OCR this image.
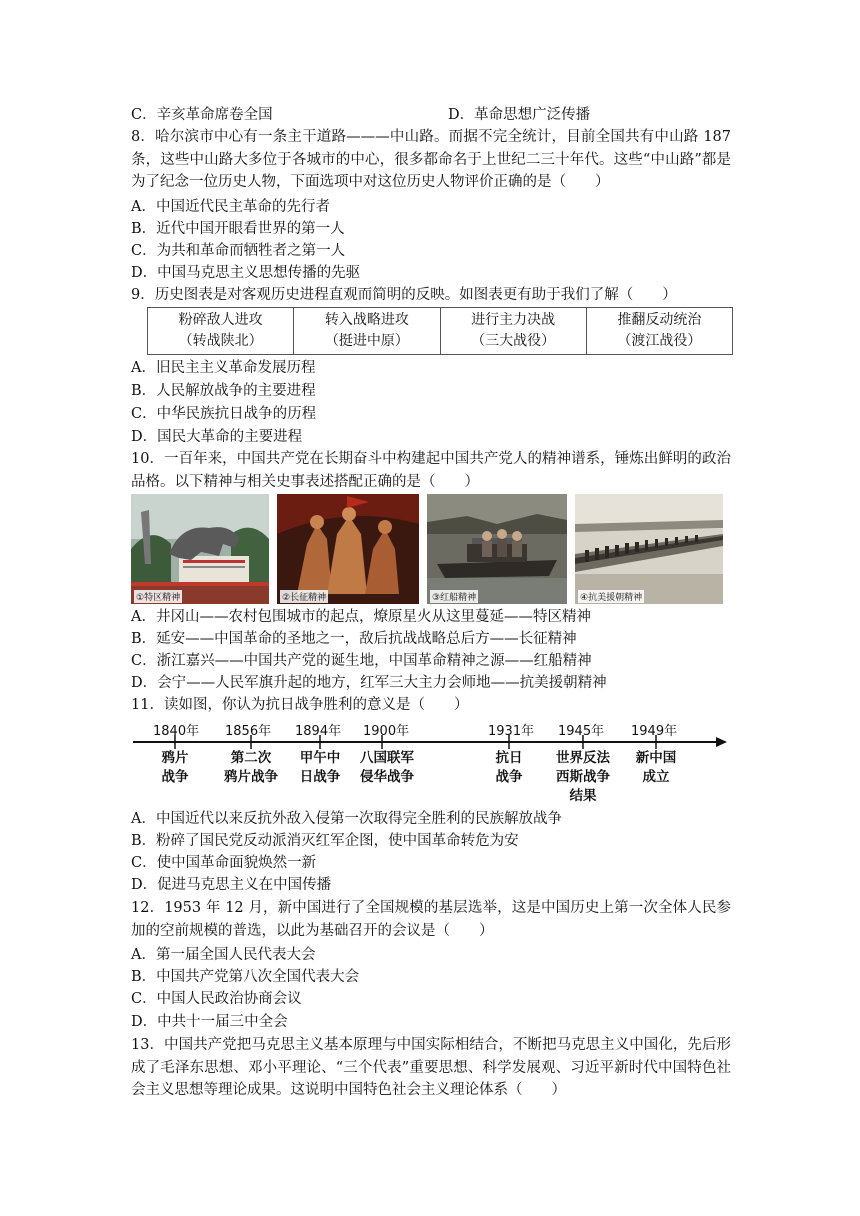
C．辛亥革命席卷全国	D．革命思想广泛传播
8．哈尔滨市中心有一条主干道路———中山路。而据不完全统计，目前全国共有中山路 187 条，这些中山路大多位于各城市的中心，很多都命名于上世纪二三十年代。这些“中山路”都是为了纪念一位历史人物，下面选项中对这位历史人物评价正确的是（　　）
A．中国近代民主革命的先行者
B．近代中国开眼看世界的第一人
C．为共和革命而牺牲者之第一人
D．中国马克思主义思想传播的先驱
9．历史图表是对客观历史进程直观而简明的反映。如图表更有助于我们了解（　　）
粉碎敌人进攻
（转战陕北）

转入战略进攻
（挺进中原）

进行主力决战
（三大战役）

推翻反动统治
（渡江战役）
A．旧民主主义革命发展历程
B．人民解放战争的主要进程
C．中华民族抗日战争的历程
D．国民大革命的主要进程
10．一百年来，中国共产党在长期奋斗中构建起中国共产党人的精神谱系，锤炼出鲜明的政治品格。以下精神与相关史事表述搭配正确的是（　　）
①特区精神	②长征精神	③红船精神	④抗美援朝精神
A．井冈山——农村包围城市的起点，燎原星火从这里蔓延——特区精神
B．延安——中国革命的圣地之一，敌后抗战战略总后方——长征精神
C．浙江嘉兴——中国共产党的诞生地，中国革命精神之源——红船精神
D．会宁——人民军旗升起的地方，红军三大主力会师地——抗美援朝精神
11．读如图，你认为抗日战争胜利的意义是（　　）
1840年 1856年 1894年 1900年	1931年 1945年 1949年
鸦片
战争
第二次
鸦片战争
甲午中
日战争
八国联军
侵华战争
抗日
战争
世界反法
西斯战争
结果
新中国
成立
A．中国近代以来反抗外敌入侵第一次取得完全胜利的民族解放战争
B．粉碎了国民党反动派消灭红军企图，使中国革命转危为安
C．使中国革命面貌焕然一新
D．促进马克思主义在中国传播
12．1953 年 12 月，新中国进行了全国规模的基层选举，这是中国历史上第一次全体人民参加的空前规模的普选，以此为基础召开的会议是（　　）
A．第一届全国人民代表大会
B．中国共产党第八次全国代表大会
C．中国人民政治协商会议
D．中共十一届三中全会
13．中国共产党把马克思主义基本原理与中国实际相结合，不断把马克思主义中国化，先后形成了毛泽东思想、邓小平理论、“三个代表”重要思想、科学发展观、习近平新时代中国特色社会主义思想等理论成果。这说明中国特色社会主义理论体系（　　）
